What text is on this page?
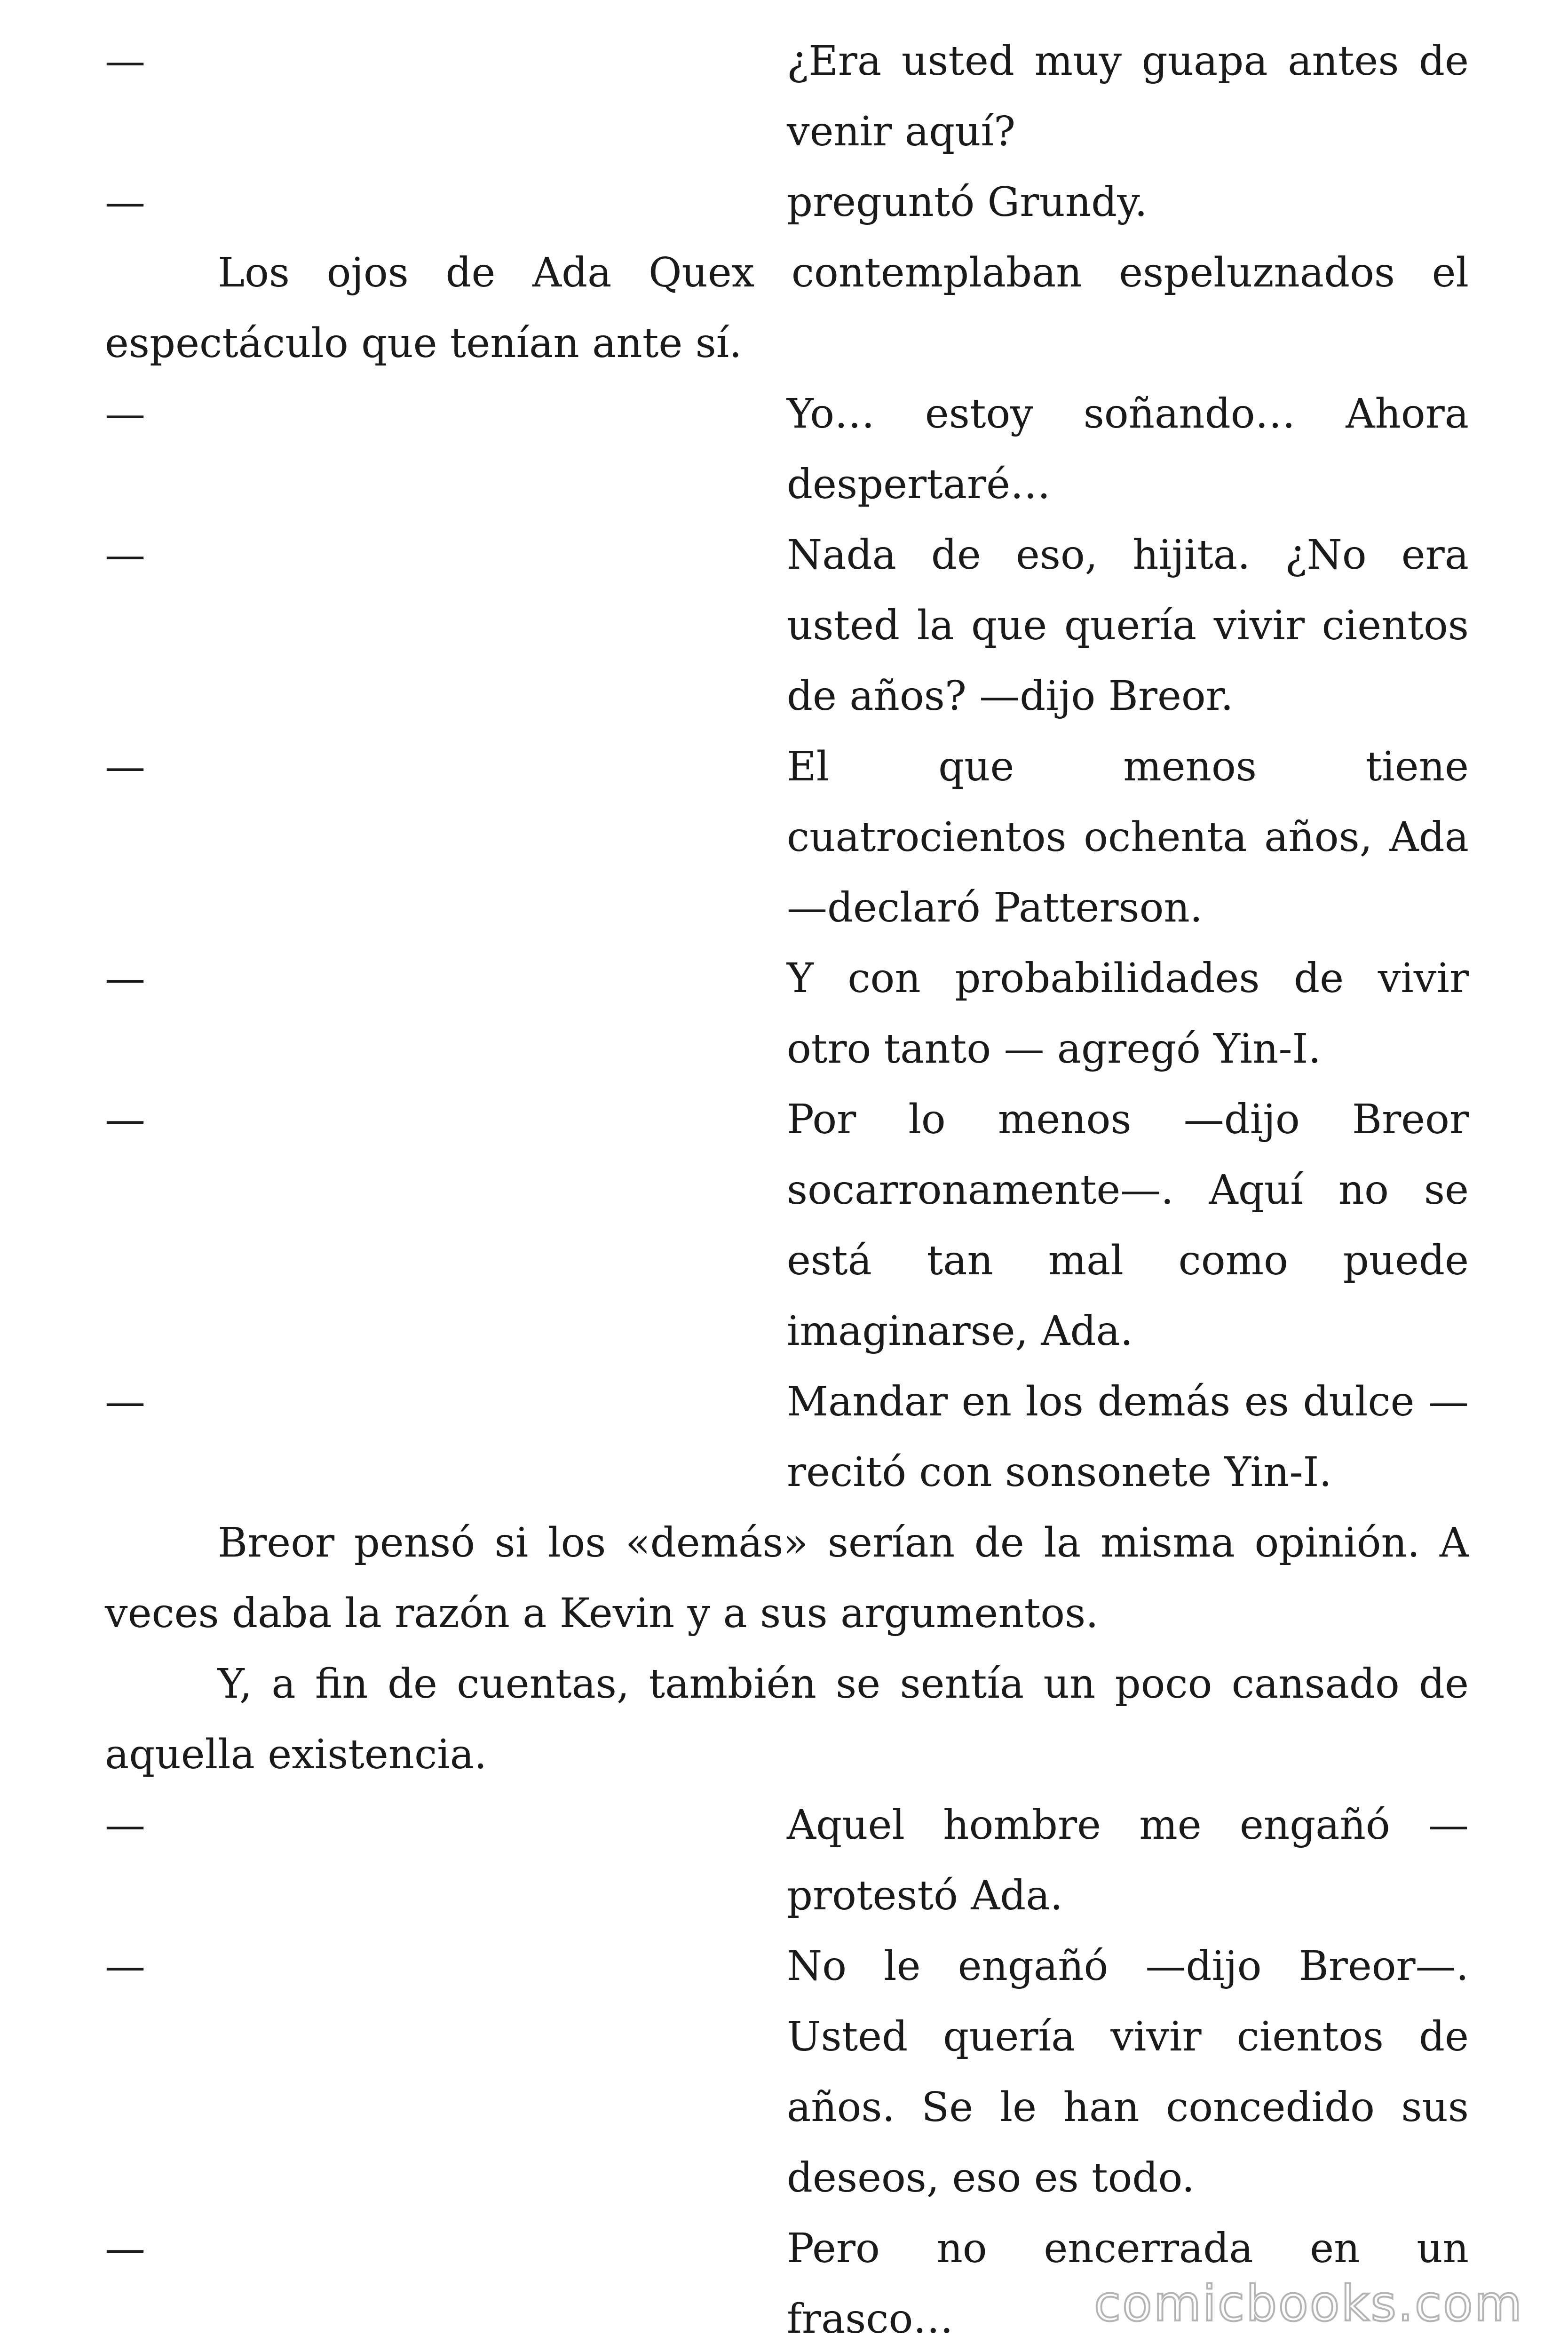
—	¿Era usted muy guapa antes de venir aquí?
—	preguntó Grundy.

Los ojos de Ada Quex contemplaban espeluznados el espectáculo que tenían ante sí.

—	Yo… estoy soñando… Ahora despertaré…
—	Nada de eso, hijita. ¿No era usted la que quería vivir cientos de años? —dijo Breor.
—	El que menos tiene cuatrocientos ochenta años, Ada —declaró Patterson.
—	Y con probabilidades de vivir otro tanto — agregó Yin-I.
—	Por lo menos —dijo Breor socarronamente—. Aquí no se está tan mal como puede imaginarse, Ada.
—	Mandar en los demás es dulce — recitó con sonsonete Yin-I.

Breor pensó si los «demás» serían de la misma opinión. A veces daba la razón a Kevin y a sus argumentos.

Y, a fin de cuentas, también se sentía un poco cansado de aquella existencia.

—	Aquel hombre me engañó — protestó Ada.
—	No le engañó —dijo Breor—. Usted quería vivir cientos de años. Se le han concedido sus deseos, eso es todo.
—	Pero no encerrada en un frasco…	comicbooks.com
